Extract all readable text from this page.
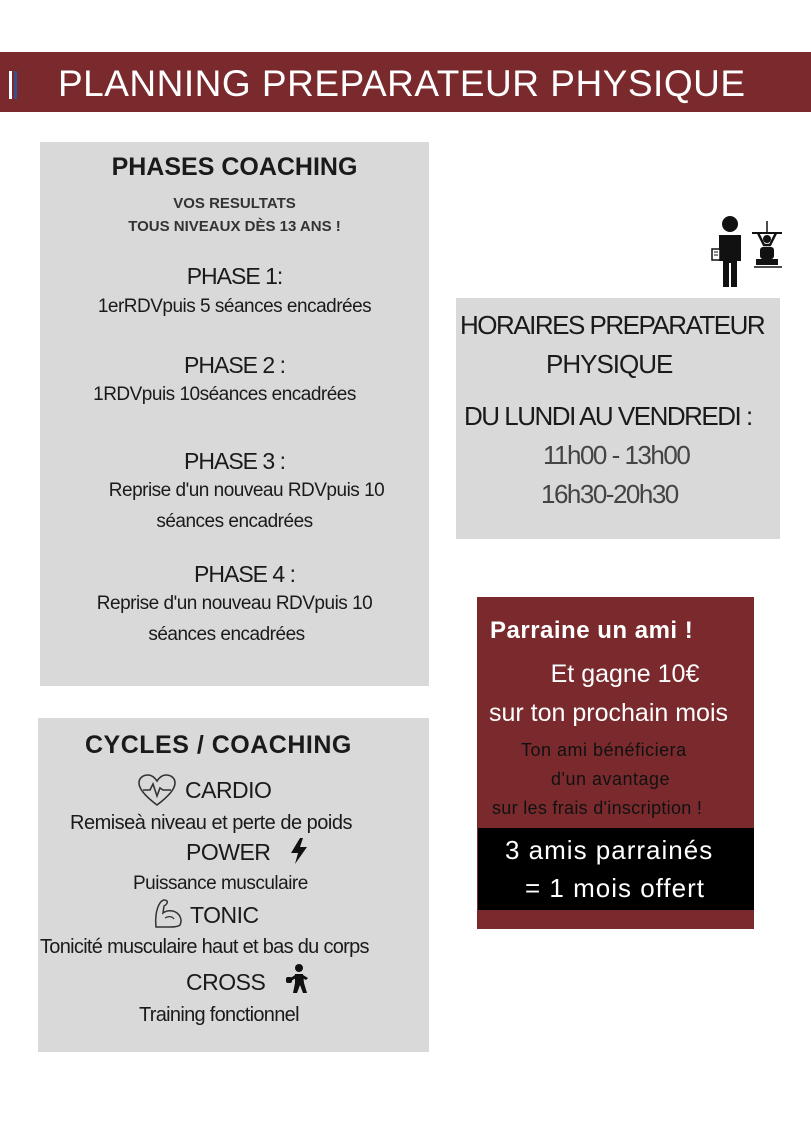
PLANNING PREPARATEUR PHYSIQUE
PHASES COACHING
VOS RESULTATS
TOUS NIVEAUX DÈS 13 ANS !
PHASE 1:
1erRDVpuis 5 séances encadrées
PHASE 2 :
1RDVpuis 10séances encadrées
PHASE 3 :
Reprise d'un nouveau RDVpuis 10
séances encadrées
PHASE 4 :
Reprise d'un nouveau RDVpuis 10
séances encadrées
HORAIRES PREPARATEUR
PHYSIQUE
DU LUNDI AU VENDREDI :
11h00 - 13h00
16h30-20h30
Parraine un ami !
Et gagne 10€
sur ton prochain mois
Ton ami bénéficiera
d'un avantage
sur les frais d'inscription !
3 amis parrainés
= 1 mois offert
CYCLES / COACHING
CARDIO
Remiseà niveau et perte de poids
POWER
Puissance musculaire
TONIC
Tonicité musculaire haut et bas du corps
CROSS
Training fonctionnel
